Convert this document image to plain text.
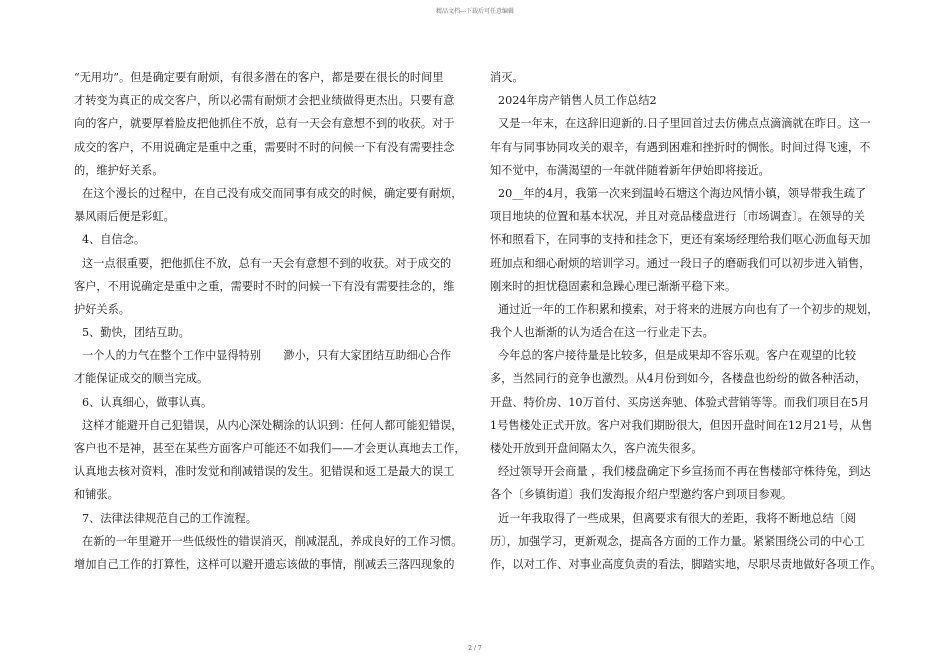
精品文档---下载后可任意编辑
“无用功”。但是确定要有耐烦，有很多潜在的客户，都是要在很长的时间里
才转变为真正的成交客户，所以必需有耐烦才会把业绩做得更杰出。只要有意
向的客户，就要厚着脸皮把他抓住不放，总有一天会有意想不到的收获。对于
成交的客户，不用说确定是重中之重，需要时不时的问候一下有没有需要挂念
的，维护好关系。
在这个漫长的过程中，在自己没有成交而同事有成交的时候，确定要有耐烦，
暴风雨后便是彩虹。
4、自信念。
这一点很重要，把他抓住不放，总有一天会有意想不到的收获。对于成交的
客户，不用说确定是重中之重，需要时不时的问候一下有没有需要挂念的，维
护好关系。
5、勤快，团结互助。
一个人的力气在整个工作中显得特别　　渺小，只有大家团结互助细心合作
才能保证成交的顺当完成。
6、认真细心，做事认真。
这样才能避开自己犯错误，从内心深处糊涂的认识到：任何人都可能犯错误，
客户也不是神，甚至在某些方面客户可能还不如我们——才会更认真地去工作，
认真地去核对资料，准时发觉和削减错误的发生。犯错误和返工是最大的误工
和铺张。
7、法律法律规范自己的工作流程。
在新的一年里避开一些低级性的错误消灭，削减混乱，养成良好的工作习惯。
增加自己工作的打算性，这样可以避开遗忘该做的事情，削减丢三落四现象的
消灭。
2024年房产销售人员工作总结2
又是一年末，在这辞旧迎新的.日子里回首过去仿佛点点滴滴就在昨日。这一
年有与同事协同攻关的艰辛，有遇到困难和挫折时的惆怅。时间过得飞速，不
知不觉中，布满渴望的一年就伴随着新年伊始即将接近。
20__年的4月，我第一次来到温岭石塘这个海边风情小镇，领导带我生疏了
项目地块的位置和基本状况，并且对竞品楼盘进行〔市场调查〕。在领导的关
怀和照看下，在同事的支持和挂念下，更还有案场经理给我们呕心沥血每天加
班加点和细心耐烦的培训学习。通过一段日子的磨砺我们可以初步进入销售，
刚来时的担忧稳固素和急躁心理已渐渐平稳下来。
通过近一年的工作积累和摸索，对于将来的进展方向也有了一个初步的规划，
我个人也渐渐的认为适合在这一行业走下去。
今年总的客户接待量是比较多，但是成果却不容乐观。客户在观望的比较
多，当然同行的竞争也激烈。从4月份到如今，各楼盘也纷纷的做各种活动，
开盘、特价房、10万首付、买房送奔驰、体验式营销等等。而我们项目在5月
1号售楼处正式开放。客户对我们期盼很大，但因开盘时间在12月21号，从售
楼处开放到开盘间隔太久，客户流失很多。
经过领导开会商量 ，我们楼盘确定下乡宣扬而不再在售楼部守株待兔，到达
各个〔乡镇街道〕我们发海报介绍户型邀约客户到项目参观。
近一年我取得了一些成果，但离要求有很大的差距，我将不断地总结〔阅
历〕，加强学习，更新观念，提高各方面的工作力量。紧紧围绕公司的中心工
作，以对工作、对事业高度负责的看法，脚踏实地，尽职尽责地做好各项工作。
2 / 7
